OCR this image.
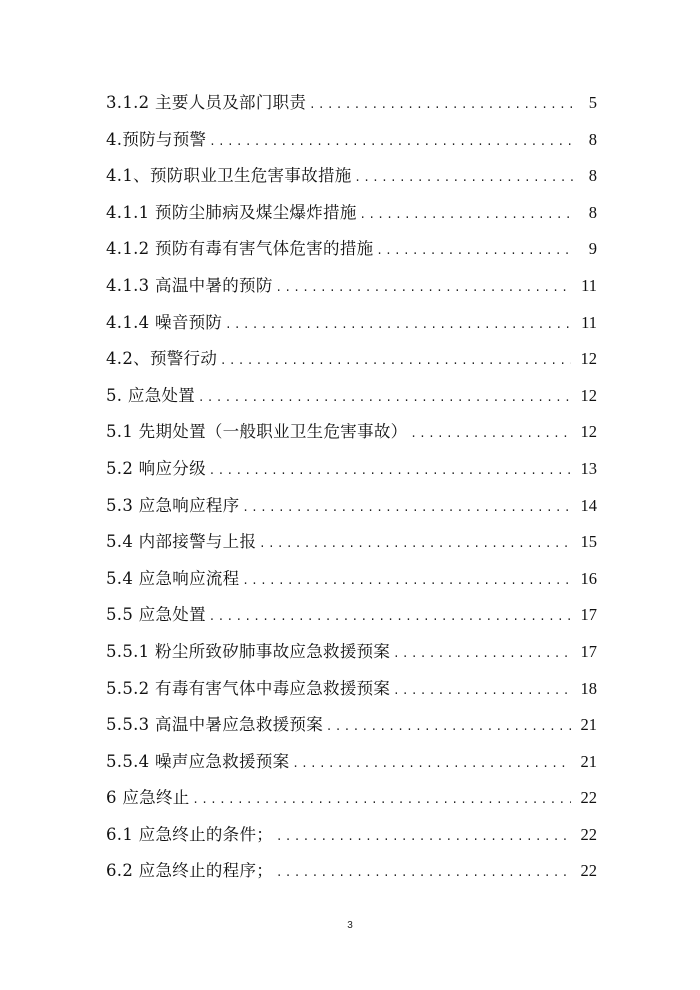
3.1.2 主要人员及部门职责 .....	5
4.预防与预警 .....	8
4.1、预防职业卫生危害事故措施 .....	8
4.1.1 预防尘肺病及煤尘爆炸措施 .....	8
4.1.2 预防有毒有害气体危害的措施 .....	9
4.1.3 高温中暑的预防 .....	11
4.1.4 噪音预防 .....	11
4.2、预警行动 .....	12
5. 应急处置 .....	12
5.1 先期处置（一般职业卫生危害事故） .....	12
5.2 响应分级 .....	13
5.3 应急响应程序 .....	14
5.4 内部接警与上报 .....	15
5.4 应急响应流程 .....	16
5.5 应急处置 .....	17
5.5.1 粉尘所致矽肺事故应急救援预案 .....	17
5.5.2 有毒有害气体中毒应急救援预案 .....	18
5.5.3 高温中暑应急救援预案 .....	21
5.5.4 噪声应急救援预案 .....	21
6 应急终止 .....	22
6.1 应急终止的条件； .....	22
6.2 应急终止的程序； .....	22
3
